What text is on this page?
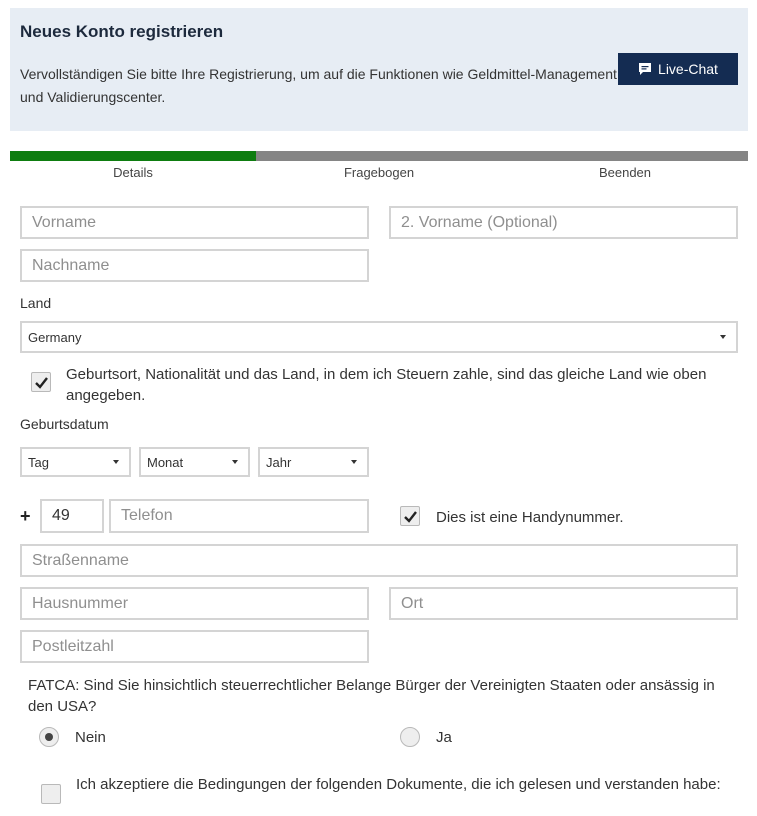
Neues Konto registrieren
Vervollständigen Sie bitte Ihre Registrierung, um auf die Funktionen wie Geldmittel-Management und Validierungscenter.
Live-Chat
Details	Fragebogen	Beenden
Vorname
2. Vorname (Optional)
Nachname
Land
Germany
Geburtsort, Nationalität und das Land, in dem ich Steuern zahle, sind das gleiche Land wie oben angegeben.
Geburtsdatum
Tag	Monat	Jahr
+
49
Telefon	Dies ist eine Handynummer.
Straßenname
Hausnummer
Ort
Postleitzahl
FATCA: Sind Sie hinsichtlich steuerrechtlicher Belange Bürger der Vereinigten Staaten oder ansässig in den USA?
Nein	Ja
Ich akzeptiere die Bedingungen der folgenden Dokumente, die ich gelesen und verstanden habe:
